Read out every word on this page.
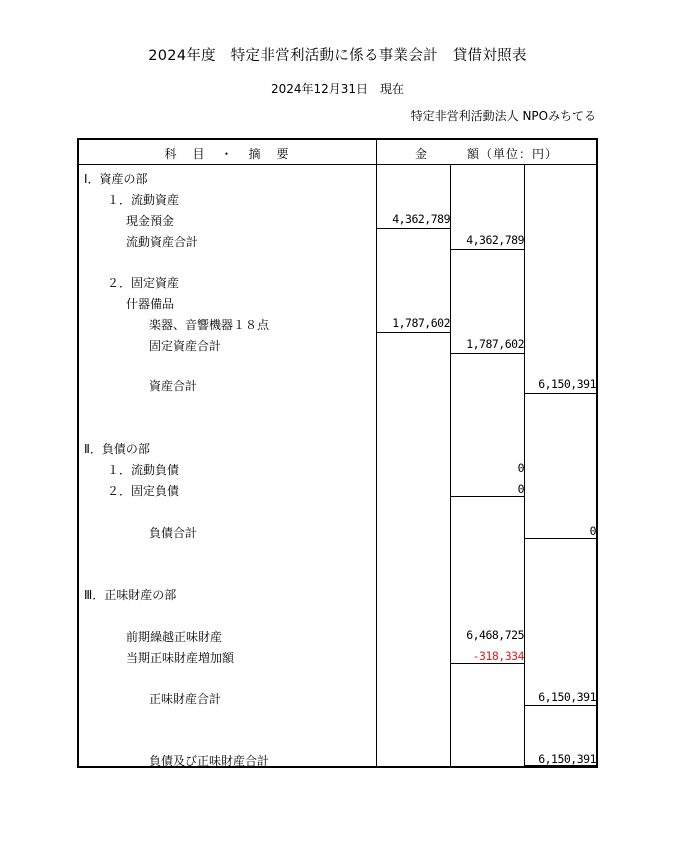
2024年度　特定非営利活動に係る事業会計　貸借対照表
2024年12月31日　現在
特定非営利活動法人 NPOみちてる
科　目　・　摘　要	金　　　額（単位：円）
Ⅰ．資産の部
１．流動資産
現金預金	4,362,789
流動資産合計	4,362,789
２．固定資産
什器備品
楽器、音響機器１８点	1,787,602
固定資産合計	1,787,602
資産合計	6,150,391
Ⅱ．負債の部
１．流動負債	0
２．固定負債	0
負債合計	0
Ⅲ．正味財産の部
前期繰越正味財産	6,468,725
当期正味財産増加額	-318,334
正味財産合計	6,150,391
負債及び正味財産合計	6,150,391
